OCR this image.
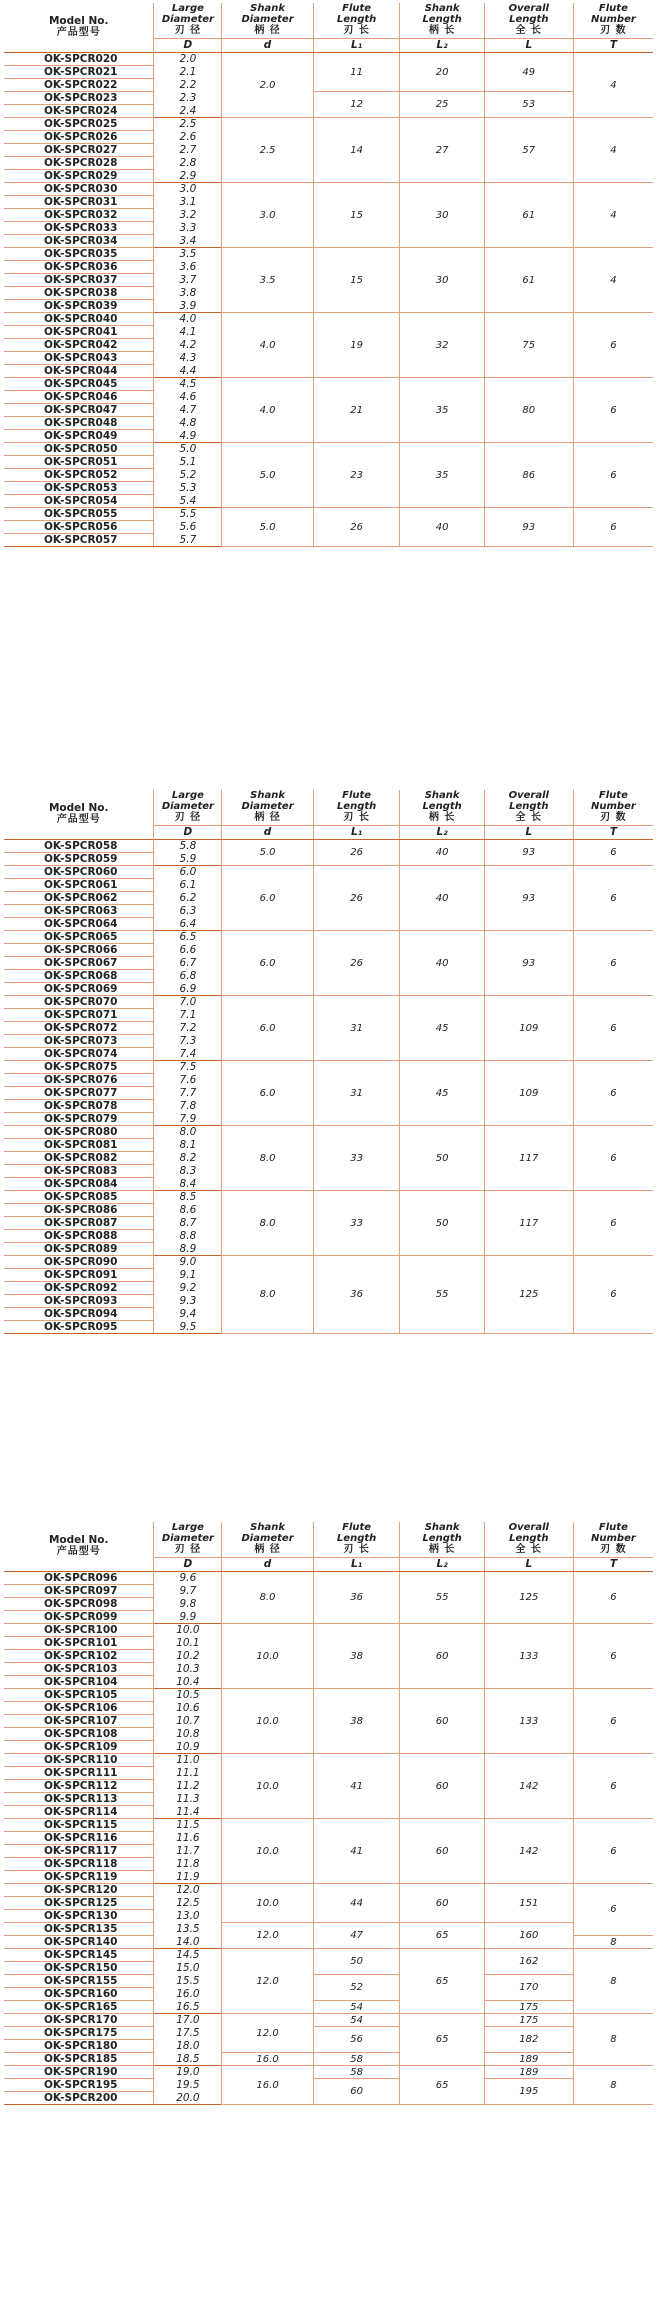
Model No.
产品型号	Large
Diameter
刃 径	Shank
Diameter
柄 径	Flute
Length
刃 长	Shank
Length
柄 长	Overall
Length
全 长	Flute
Number
刃 数

	D	d	L₁	L₂	L	T
OK-SPCR020	2.0	2.0	11	20	49	4
OK-SPCR021	2.1					
OK-SPCR022	2.2					
OK-SPCR023	2.3		12	25	53	
OK-SPCR024	2.4					
OK-SPCR025	2.5	2.5	14	27	57	4
OK-SPCR026	2.6					
OK-SPCR027	2.7					
OK-SPCR028	2.8					
OK-SPCR029	2.9					
OK-SPCR030	3.0	3.0	15	30	61	4
OK-SPCR031	3.1					
OK-SPCR032	3.2					
OK-SPCR033	3.3					
OK-SPCR034	3.4					
OK-SPCR035	3.5	3.5	15	30	61	4
OK-SPCR036	3.6					
OK-SPCR037	3.7					
OK-SPCR038	3.8					
OK-SPCR039	3.9					
OK-SPCR040	4.0	4.0	19	32	75	6
OK-SPCR041	4.1					
OK-SPCR042	4.2					
OK-SPCR043	4.3					
OK-SPCR044	4.4					
OK-SPCR045	4.5	4.0	21	35	80	6
OK-SPCR046	4.6					
OK-SPCR047	4.7					
OK-SPCR048	4.8					
OK-SPCR049	4.9					
OK-SPCR050	5.0	5.0	23	35	86	6
OK-SPCR051	5.1					
OK-SPCR052	5.2					
OK-SPCR053	5.3					
OK-SPCR054	5.4					
OK-SPCR055	5.5	5.0	26	40	93	6
OK-SPCR056	5.6					
OK-SPCR057	5.7					
Model No.
产品型号	Large
Diameter
刃 径	Shank
Diameter
柄 径	Flute
Length
刃 长	Shank
Length
柄 长	Overall
Length
全 长	Flute
Number
刃 数

	D	d	L₁	L₂	L	T
OK-SPCR058	5.8	5.0	26	40	93	6
OK-SPCR059	5.9					
OK-SPCR060	6.0	6.0	26	40	93	6
OK-SPCR061	6.1					
OK-SPCR062	6.2					
OK-SPCR063	6.3					
OK-SPCR064	6.4					
OK-SPCR065	6.5	6.0	26	40	93	6
OK-SPCR066	6.6					
OK-SPCR067	6.7					
OK-SPCR068	6.8					
OK-SPCR069	6.9					
OK-SPCR070	7.0	6.0	31	45	109	6
OK-SPCR071	7.1					
OK-SPCR072	7.2					
OK-SPCR073	7.3					
OK-SPCR074	7.4					
OK-SPCR075	7.5	6.0	31	45	109	6
OK-SPCR076	7.6					
OK-SPCR077	7.7					
OK-SPCR078	7.8					
OK-SPCR079	7.9					
OK-SPCR080	8.0	8.0	33	50	117	6
OK-SPCR081	8.1					
OK-SPCR082	8.2					
OK-SPCR083	8.3					
OK-SPCR084	8.4					
OK-SPCR085	8.5	8.0	33	50	117	6
OK-SPCR086	8.6					
OK-SPCR087	8.7					
OK-SPCR088	8.8					
OK-SPCR089	8.9					
OK-SPCR090	9.0	8.0	36	55	125	6
OK-SPCR091	9.1					
OK-SPCR092	9.2					
OK-SPCR093	9.3					
OK-SPCR094	9.4					
OK-SPCR095	9.5					
Model No.
产品型号	Large
Diameter
刃 径	Shank
Diameter
柄 径	Flute
Length
刃 长	Shank
Length
柄 长	Overall
Length
全 长	Flute
Number
刃 数

	D	d	L₁	L₂	L	T
OK-SPCR096	9.6	8.0	36	55	125	6
OK-SPCR097	9.7					
OK-SPCR098	9.8					
OK-SPCR099	9.9					
OK-SPCR100	10.0	10.0	38	60	133	6
OK-SPCR101	10.1					
OK-SPCR102	10.2					
OK-SPCR103	10.3					
OK-SPCR104	10.4					
OK-SPCR105	10.5	10.0	38	60	133	6
OK-SPCR106	10.6					
OK-SPCR107	10.7					
OK-SPCR108	10.8					
OK-SPCR109	10.9					
OK-SPCR110	11.0	10.0	41	60	142	6
OK-SPCR111	11.1					
OK-SPCR112	11.2					
OK-SPCR113	11.3					
OK-SPCR114	11.4					
OK-SPCR115	11.5	10.0	41	60	142	6
OK-SPCR116	11.6					
OK-SPCR117	11.7					
OK-SPCR118	11.8					
OK-SPCR119	11.9					
OK-SPCR120	12.0	10.0	44	60	151	6
OK-SPCR125	12.5					
OK-SPCR130	13.0					
OK-SPCR135	13.5	12.0	47	65	160	
OK-SPCR140	14.0					8
OK-SPCR145	14.5	12.0	50	65	162	8
OK-SPCR150	15.0					
OK-SPCR155	15.5		52		170	
OK-SPCR160	16.0					
OK-SPCR165	16.5		54		175	
OK-SPCR170	17.0	12.0	54	65	175	8
OK-SPCR175	17.5		56		182	
OK-SPCR180	18.0					
OK-SPCR185	18.5	16.0	58		189	
OK-SPCR190	19.0	16.0	58	65	189	8
OK-SPCR195	19.5		60		195	
OK-SPCR200	20.0					
